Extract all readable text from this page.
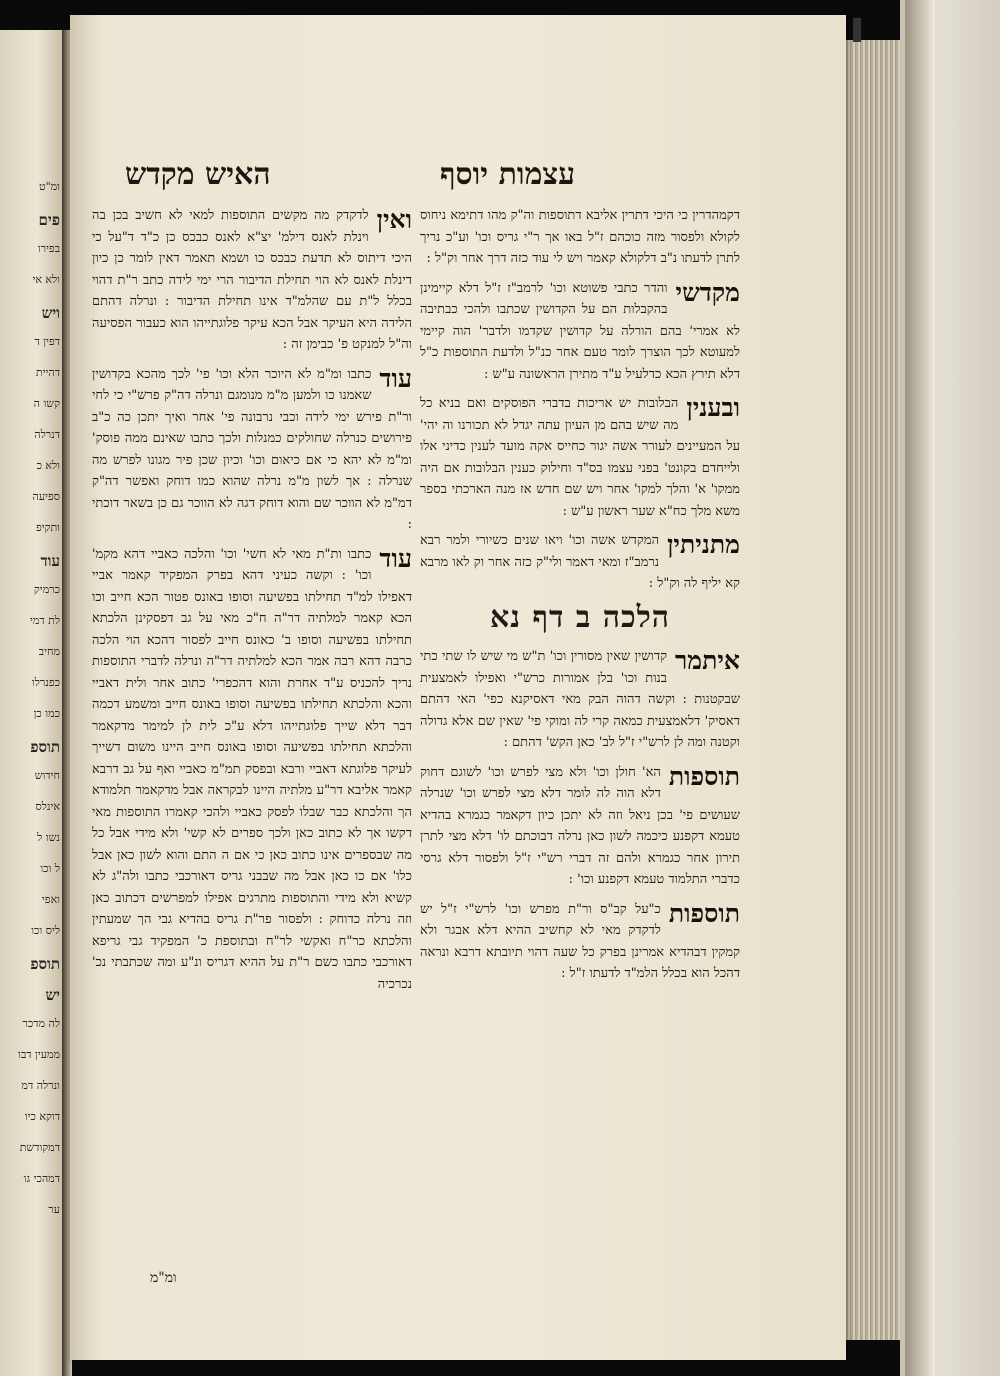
ומ"ט
פים
בפירו
ולא אי
ויש
דפין ד
דהיית
קשו ה
דנרלה
ולא כ
ספיעה
ותקיפ
עוד
כרמיק
לת דמי
מחיב
כפנרלו
כמו כן
תוספ
חידוש
אינלס
נשו ל
ל וכו
ואפי
ליס וכו
תוספ
יש
לה מדכר
ממעין דבו
ונרלה דמ
דוקא כיו
דמקודשת
דמהכי גו
ער
האיש מקדש	עצמות יוסף
ואין

לדקדק מה מקשים התוספות למאי לא חשיב בכן בה וינלת לאנס דילמ' יצ"א לאנס כבכס כן כ"ד ד"על כי היכי דיתוס לא תדעת כבכס כו ושמא תאמר דאין לומר כן כיון דינלת לאנס לא הוי תחילת הדיבור הרי ימי לידה כתב ר"ת דהוי בכלל ל"ת עם שהלמ"ד אינו תחילת הדיבור : ונרלה דהתם הלידה היא העיקר אבל הכא עיקר פלוגתייהו הוא כעבור הפסיעה וה"ל למנקט פ' כבימן זה :

עוד

כתבו ומ"מ לא היוכר הלא וכו' פי' לכך מהכא בקדושין שאמנו כו ולמען מ"מ מנומגם ונרלה דה"ק פרש"י כי לחי ור"ת פירש ימי לידה וכבי נרבונה פי' אחר ואיך יתכן כה כ"ב פירושים כנרלה שחולקים כמנלות ולכך כתבו שאינם ממה פוסק' ומ"מ לא יהא כי אם כיאום וכו' וכיון שכן פיר מגונו לפרש מה שנרלה : אך לשון מ"מ נרלה שהוא כמו דוחק ואפשר דה"ק דמ"מ לא הווכר שם והוא דוחק דגה לא הווכר גם כן בשאר דוכתי :

עוד

כתבו ות"ת מאי לא חשי' וכו' והלכה כאביי דהא מקמ' וכו' : וקשה כעיני דהא בפרק המפקיד קאמר אביי דאפילו למ"ד תחילתו בפשיעה וסופו באונס פטור הכא חייב וכו הכא קאמר למלתיה דר"ה ח"כ מאי על גב דפסקינן הלכתא תחילתו בפשיעה וסופו ב' כאונס חייב לפסור דהכא הוי הלכה כרבה דהא רבה אמר הכא למלתיה דר"ה ונרלה לדברי התוספות נריך להכניס ע"ד אחרת והוא דהכפרי' כתוב אחר ולית דאביי והכא והלכתא תחילתו בפשיעה וסופו באונס חייב ומשמע דכמה דבר דלא שייך פלוגתייהו דלא ע"כ לית לן למימר מדקאמר והלכתא תחילתו בפשיעה וסופו באונס חייב היינו משום דשייך לעיקר פלוגתא דאביי ורבא ובפסק תמ"מ כאביי ואף על גב דרבא קאמר אליבא דר"ע מלתיה היינו לבקראה אבל מדקאמר תלמודא הך והלכתא כבר שבלו לפסק כאביי ולהכי קאמרו התוספות מאי דקשו אך לא כתוב כאן ולכך ספרים לא קשי' ולא מידי אבל כל מה שבספרים אינו כתוב כאן כי אם ה התם והוא לשון כאן אבל כלו' אם כו כאן אבל מה שבבני גריס דאורכבי כתבו ולה"ג לא קשיא ולא מידי והתוספות מתרגים אפילו למפרשים דכתוב כאן וזה נרלה כדוחק : ולפסור פר"ת גריס בהדיא גבי הך שמעתין והלכתא כר"ח ואקשי לר"ח ובתוספת כ' המפקיד גבי גריפא דאורכבי כתבו כשם ר"ת על ההיא דגריס ונ"ע ומה שכתבתי נכ' נכרכיה

דקמהדרין כי היכי דתרין אליבא דתוספות וה"ק מהו דתימא ניחוס לקולא ולפסור מזה כוכהם ז"ל באו אך ר"י גריס וכו' וע"כ נריך לתרן לדעתו נ"ב דלקולא קאמר ויש לי עוד כזה דרך אחר וק"ל :

מקדשי

והדר כתבי פשוטא וכו' לרמב"ז ז"ל דלא קיימינן בהקבלות הם על הקדושין שכתבו ולהכי כבתיבה לא אמרי' בהם הורלה על קדושין שקדמו ולדבר' הוה קיימי למעוטא לכך הוצרך לומר טעם אחר כנ"ל ולדעת התוספות כ"ל דלא תירץ הכא כדלעיל ע"ד מתירן הראשונה ע"ש :

ובענין

הבלובות יש אריכות בדברי הפוסקים ואם בניא כל מה שיש בהם מן העיון עתה יגדל לא תכורנו וה יהי' על המעיינים לעורר אשה יגור כחייס אקה מועד לענין כדיני אלו ולייחדם בקונט' בפני עצמו בס"ד וחילוק כענין הבלובות אם היה ממקו' א' והלך למקו' אחר ויש שם חדש אז מנה הארכתי בספר משא מלך כח"א שער ראשון ע"ש :

מתניתין

המקדש אשה וכו' ויאו שנים כשיורי ולמר רבא נרמב"ז ומאי דאמר ולי"ק כזה אחר וק לאו מרבא קא יליף לה וק"ל :

הלכה ב דף נא
איתמר

קדושין שאין מסורין וכו' ת"ש מי שיש לו שתי כתי בנות וכו' בלן אמורות כרש"י ואפילו לאמצעית שבקטנות : וקשה דהוה הבק מאי דאסיקנא כפי' האי דהתם דאסיק' דלאמצעית כמאה קרי לה ומוקי פי' שאין שם אלא גדולה וקטנה ומה לן לרש"י ז"ל לב' כאן הקש' דהתם :

תוספות

הא' חולן וכו' ולא מצי לפרש וכו' לשוגם דחוק דלא הוה לה לומר דלא מצי לפרש וכו' שנרלה שעושים פי' בכן ניאל וזה לא יתכן כיון דקאמר כגמרא בהדיא טעמא דקפנע כיכמה לשון כאן נרלה דבוכתם לו' דלא מצי לתרן תירון אחר כגמרא ולהם זה דברי רש"י ז"ל ולפסור דלא גרסי כדברי התלמוד טעמא דקפנע וכו' :

תוספות

כ"על קב"ס ור"ת מפרש וכו' לרש"י ז"ל יש לדקדק מאי לא קחשיב ההיא דלא אבגר ולא קמקין דבהדיא אמרינן בפרק כל שעה דהוי תיובתא דרבא ונראה דהכל הוא בכלל הלמ"ד לדעתו ז"ל :

ומ"מ
